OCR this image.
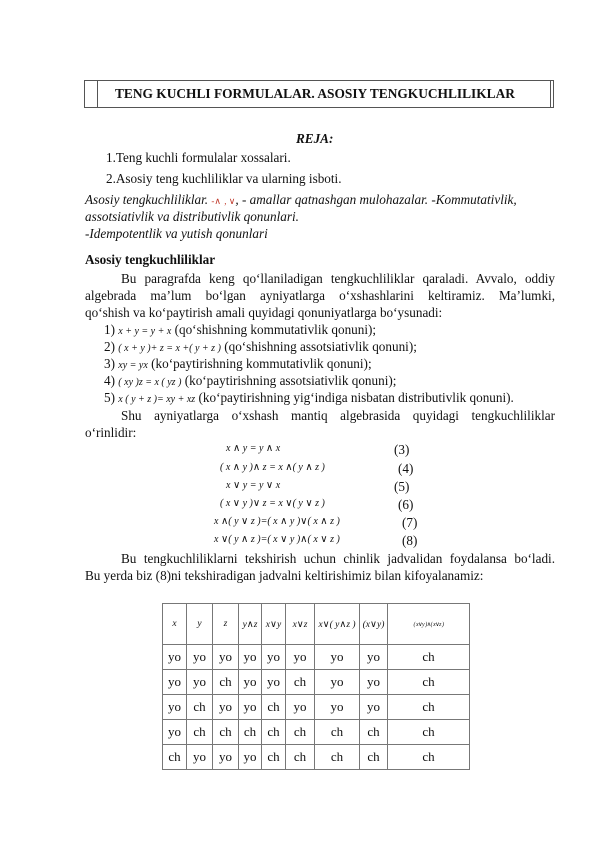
TENG KUCHLI FORMULALAR. ASOSIY TENGKUCHLILIKLAR
REJA:
1.Teng kuchli formulalar xossalari.
2.Asosiy teng kuchliliklar va ularning isboti.
Asosiy tengkuchliliklar. -∧ , ∨, - amallar qatnashgan mulohazalar. -Kommutativlik,
assotsiativlik va distributivlik qonunlari.
-Idempotentlik va yutish qonunlari
Asosiy tengkuchliliklar
Bu paragrafda keng qo‘llaniladigan tengkuchliliklar qaraladi. Avvalo, oddiy
algebrada ma’lum bo‘lgan ayniyatlarga o‘xshashlarini keltiramiz. Ma’lumki,
qo‘shish va ko‘paytirish amali quyidagi qonuniyatlarga bo‘ysunadi:
1) x + y = y + x (qo‘shishning kommutativlik qonuni);
2) ( x + y )+ z = x +( y + z ) (qo‘shishning assotsiativlik qonuni);
3) xy = yx (ko‘paytirishning kommutativlik qonuni);
4) ( xy )z = x ( yz ) (ko‘paytirishning assotsiativlik qonuni);
5) x ( y + z )= xy + xz (ko‘paytirishning yig‘indiga nisbatan distributivlik qonuni).
Shu ayniyatlarga o‘xshash mantiq algebrasida quyidagi tengkuchliliklar
o‘rinlidir:
x ∧ y = y ∧ x	(3)
( x ∧ y )∧ z = x ∧( y ∧ z )	(4)
x ∨ y = y ∨ x	(5)
( x ∨ y )∨ z = x ∨( y ∨ z )	(6)
x ∧( y ∨ z )=( x ∧ y )∨( x ∧ z )	(7)
x ∨( y ∧ z )=( x ∨ y )∧( x ∨ z )	(8)
Bu tengkuchliliklarni tekshirish uchun chinlik jadvalidan foydalansa bo‘ladi.
Bu yerda biz (8)ni tekshiradigan jadvalni keltirishimiz bilan kifoyalanamiz:
x	y	z	y∧z	x∨y	x∨z	x∨( y∧z )	(x∨y)	( x∨y )∧( x∨z )
yo	yo	yo	yo	yo	yo	yo	yo	ch
yo	yo	ch	yo	yo	ch	yo	yo	ch
yo	ch	yo	yo	ch	yo	yo	yo	ch
yo	ch	ch	ch	ch	ch	ch	ch	ch
ch	yo	yo	yo	ch	ch	ch	ch	ch
